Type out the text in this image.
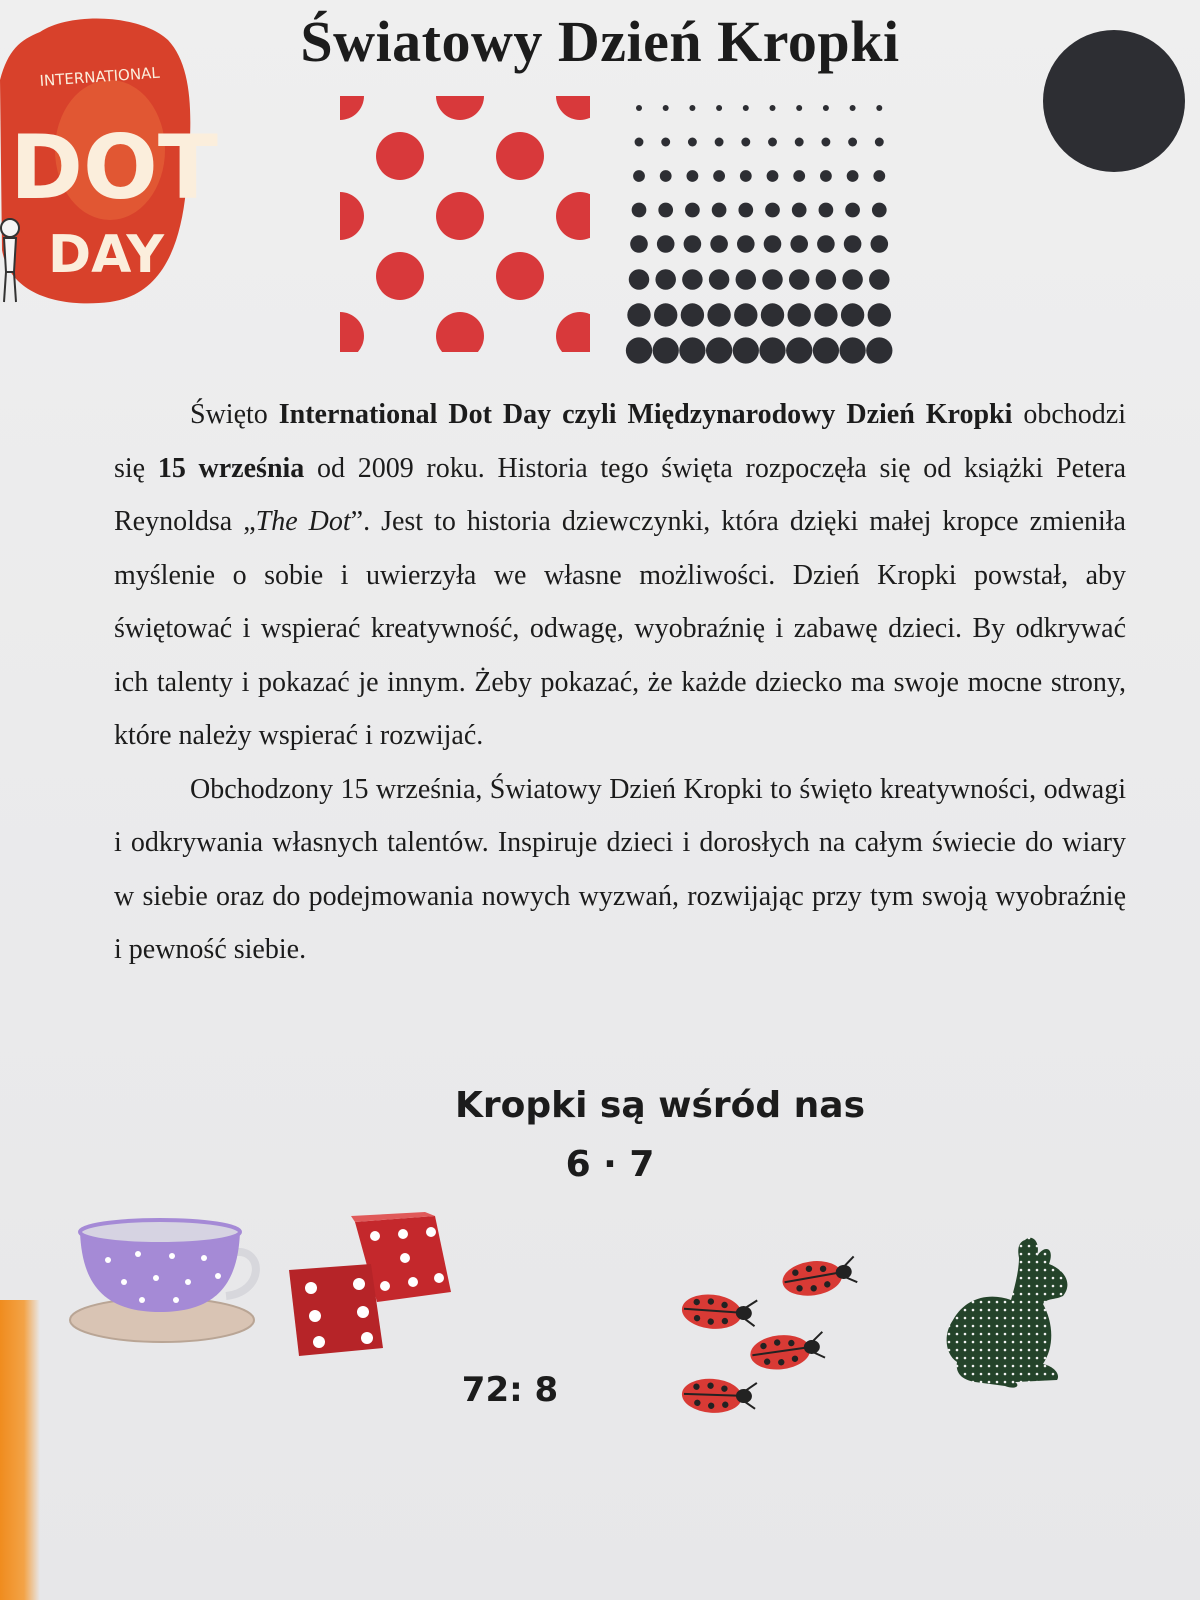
Światowy Dzień Kropki
INTERNATIONAL
DOT
DAY

Święto International Dot Day czyli Międzynarodowy Dzień Kropki obchodzi się 15 września od 2009 roku. Historia tego święta rozpoczęła się od książki Petera Reynoldsa „The Dot”. Jest to historia dziewczynki, która dzięki małej kropce zmieniła myślenie o sobie i uwierzyła we własne możliwości. Dzień Kropki powstał, aby świętować i wspierać kreatywność, odwagę, wyobraźnię i zabawę dzieci. By odkrywać ich talenty i pokazać je innym. Żeby pokazać, że każde dziecko ma swoje mocne strony, które należy wspierać i rozwijać.

Obchodzony 15 września, Światowy Dzień Kropki to święto kreatywności, odwagi i odkrywania własnych talentów. Inspiruje dzieci i dorosłych na całym świecie do wiary w siebie oraz do podejmowania nowych wyzwań, rozwijając przy tym swoją wyobraźnię i pewność siebie.

Kropki są wśród nas
6 · 7
72: 8
